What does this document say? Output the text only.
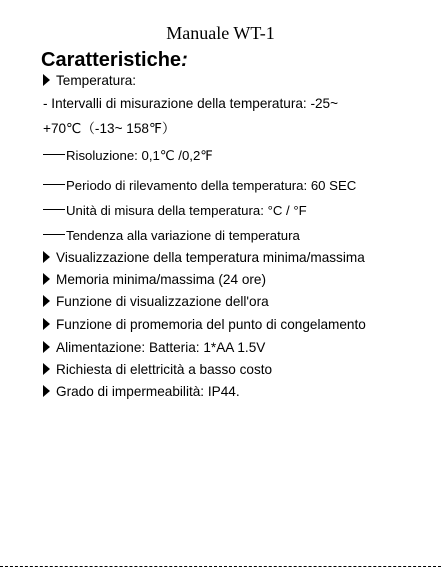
Manuale WT-1
Caratteristiche:
Temperatura:
- Intervalli di misurazione della temperatura: -25~
+70℃（-13~ 158℉）
Risoluzione: 0,1℃ /0,2℉
Periodo di rilevamento della temperatura: 60 SEC
Unità di misura della temperatura: °C / °F
Tendenza alla variazione di temperatura
Visualizzazione della temperatura minima/massima
Memoria minima/massima (24 ore)
Funzione di visualizzazione dell'ora
Funzione di promemoria del punto di congelamento
Alimentazione: Batteria: 1*AA 1.5V
Richiesta di elettricità a basso costo
Grado di impermeabilità: IP44.
